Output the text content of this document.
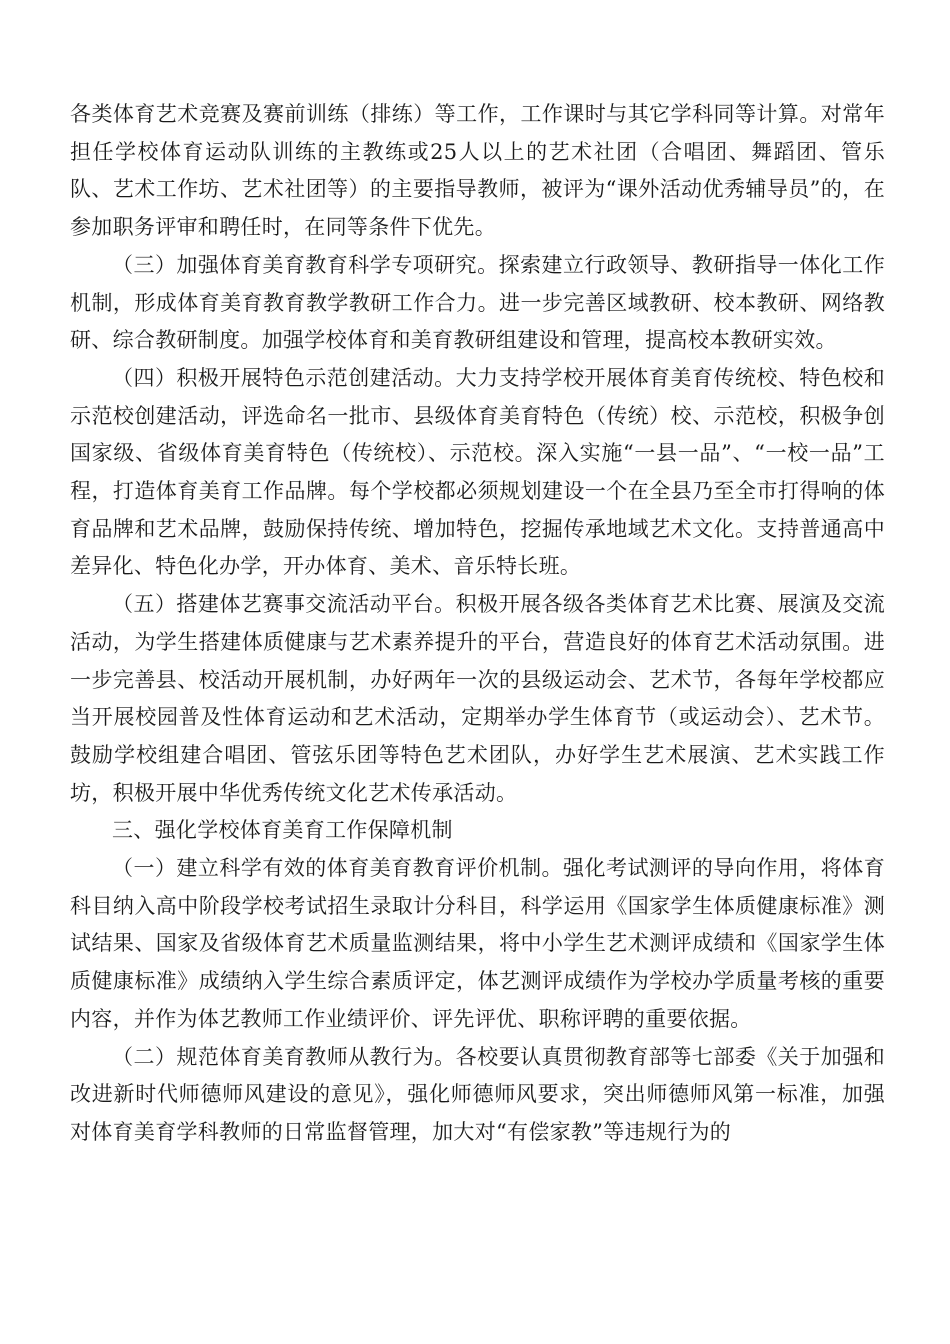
各类体育艺术竞赛及赛前训练（排练）等工作，工作课时与其它学科同等计算。对常年担任学校体育运动队训练的主教练或25人以上的艺术社团（合唱团、舞蹈团、管乐队、艺术工作坊、艺术社团等）的主要指导教师，被评为“课外活动优秀辅导员”的，在参加职务评审和聘任时，在同等条件下优先。

（三）加强体育美育教育科学专项研究。探索建立行政领导、教研指导一体化工作机制，形成体育美育教育教学教研工作合力。进一步完善区域教研、校本教研、网络教研、综合教研制度。加强学校体育和美育教研组建设和管理，提高校本教研实效。

（四）积极开展特色示范创建活动。大力支持学校开展体育美育传统校、特色校和示范校创建活动，评选命名一批市、县级体育美育特色（传统）校、示范校，积极争创国家级、省级体育美育特色（传统校）、示范校。深入实施“一县一品”、“一校一品”工程，打造体育美育工作品牌。每个学校都必须规划建设一个在全县乃至全市打得响的体育品牌和艺术品牌，鼓励保持传统、增加特色，挖掘传承地域艺术文化。支持普通高中差异化、特色化办学，开办体育、美术、音乐特长班。

（五）搭建体艺赛事交流活动平台。积极开展各级各类体育艺术比赛、展演及交流活动，为学生搭建体质健康与艺术素养提升的平台，营造良好的体育艺术活动氛围。进一步完善县、校活动开展机制，办好两年一次的县级运动会、艺术节，各每年学校都应当开展校园普及性体育运动和艺术活动，定期举办学生体育节（或运动会）、艺术节。鼓励学校组建合唱团、管弦乐团等特色艺术团队，办好学生艺术展演、艺术实践工作坊，积极开展中华优秀传统文化艺术传承活动。

三、强化学校体育美育工作保障机制

（一）建立科学有效的体育美育教育评价机制。强化考试测评的导向作用，将体育科目纳入高中阶段学校考试招生录取计分科目，科学运用《国家学生体质健康标准》测试结果、国家及省级体育艺术质量监测结果，将中小学生艺术测评成绩和《国家学生体质健康标准》成绩纳入学生综合素质评定，体艺测评成绩作为学校办学质量考核的重要内容，并作为体艺教师工作业绩评价、评先评优、职称评聘的重要依据。

（二）规范体育美育教师从教行为。各校要认真贯彻教育部等七部委《关于加强和改进新时代师德师风建设的意见》，强化师德师风要求，突出师德师风第一标准，加强对体育美育学科教师的日常监督管理，加大对“有偿家教”等违规行为的
